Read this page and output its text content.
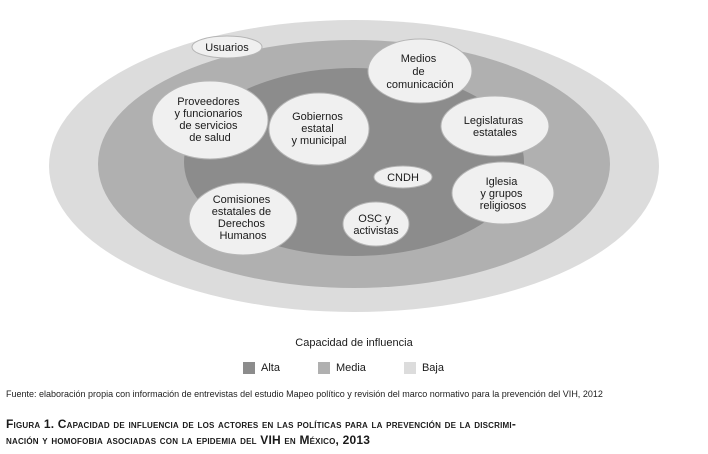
Usuarios
Medios de comunicación
Proveedores y funcionarios de servicios de salud
Gobiernos estatal y municipal
Legislaturas estatales
CNDH	Iglesia y grupos religiosos
Comisiones estatales de Derechos Humanos
OSC y activistas
Capacidad de influencia
Alta	Media	Baja
Fuente: elaboración propia con información de entrevistas del estudio Mapeo político y revisión del marco normativo para la prevención del VIH, 2012
Figura 1. Capacidad de influencia de los actores en las políticas para la prevención de la discrimi-
nación y homofobia asociadas con la epidemia del VIH en México, 2013
